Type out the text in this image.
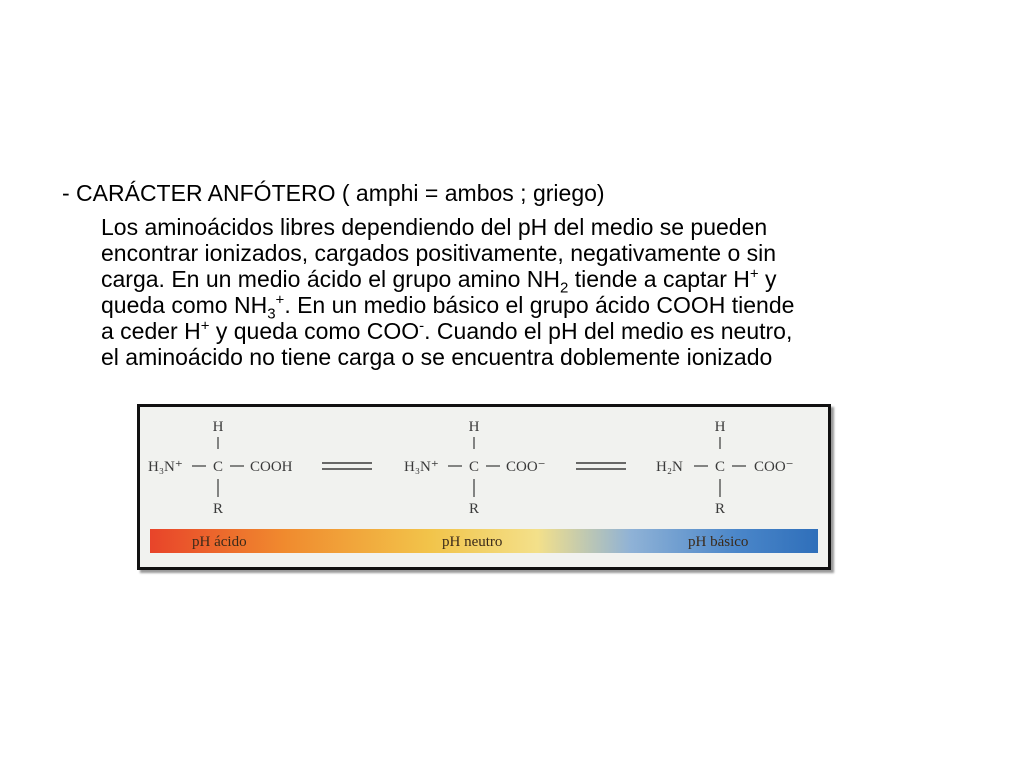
- CARÁCTER ANFÓTERO ( amphi = ambos ; griego)
Los aminoácidos libres dependiendo del pH del medio se pueden
encontrar ionizados, cargados positivamente, negativamente o sin
carga. En un medio ácido el grupo amino $NH_2$ tiende a captar H+ y
queda como $NH_3^+$. En un medio básico el grupo ácido COOH tiende
a ceder H+ y queda como COO-. Cuando el pH del medio es neutro,
el aminoácido no tiene carga o se encuentra doblemente ionizado
H
H₃N⁺ C COOH
R
H
H₃N⁺ C COO⁻
R
H
H₂N C COO⁻
R
pH ácido	pH neutro	pH básico
